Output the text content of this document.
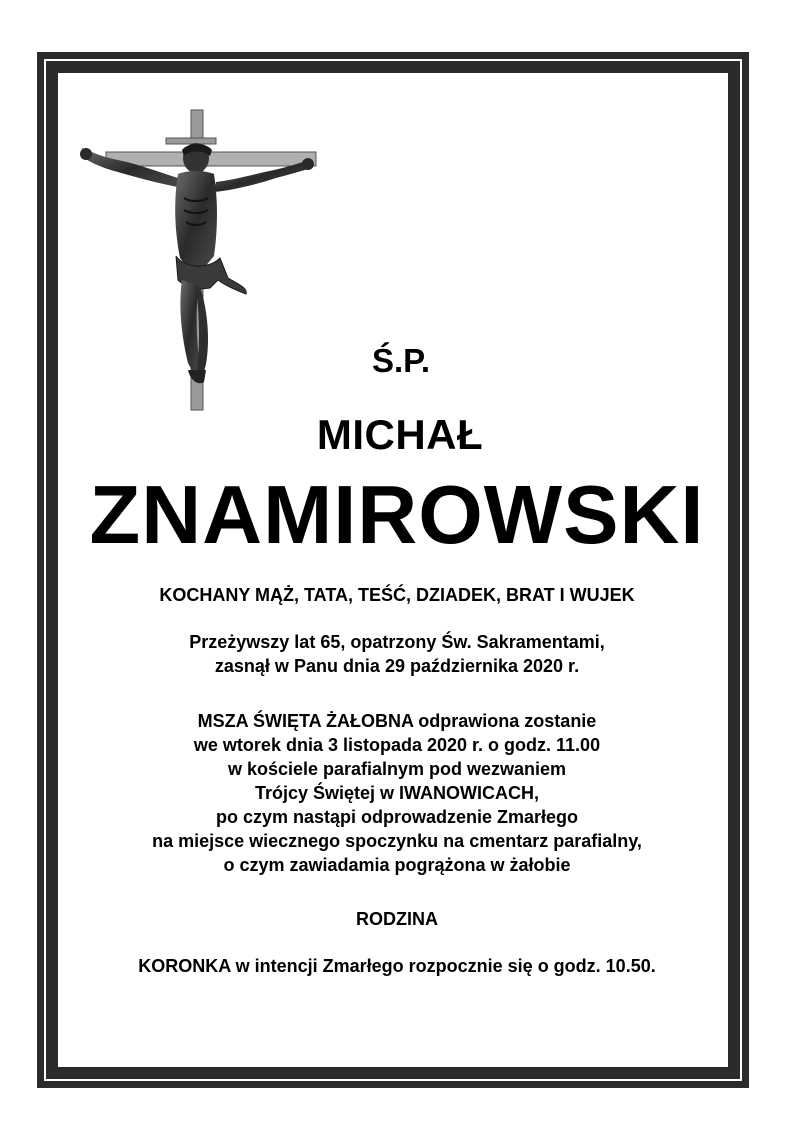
Ś.P.
MICHAŁ
ZNAMIROWSKI
KOCHANY MĄŻ, TATA, TEŚĆ, DZIADEK, BRAT I WUJEK
Przeżywszy lat 65, opatrzony Św. Sakramentami,
zasnął w Panu dnia 29 października 2020 r.
MSZA ŚWIĘTA ŻAŁOBNA odprawiona zostanie
we wtorek dnia 3 listopada 2020 r. o godz. 11.00
w kościele parafialnym pod wezwaniem
Trójcy Świętej w IWANOWICACH,
po czym nastąpi odprowadzenie Zmarłego
na miejsce wiecznego spoczynku na cmentarz parafialny,
o czym zawiadamia pogrążona w żałobie
RODZINA
KORONKA w intencji Zmarłego rozpocznie się o godz. 10.50.
